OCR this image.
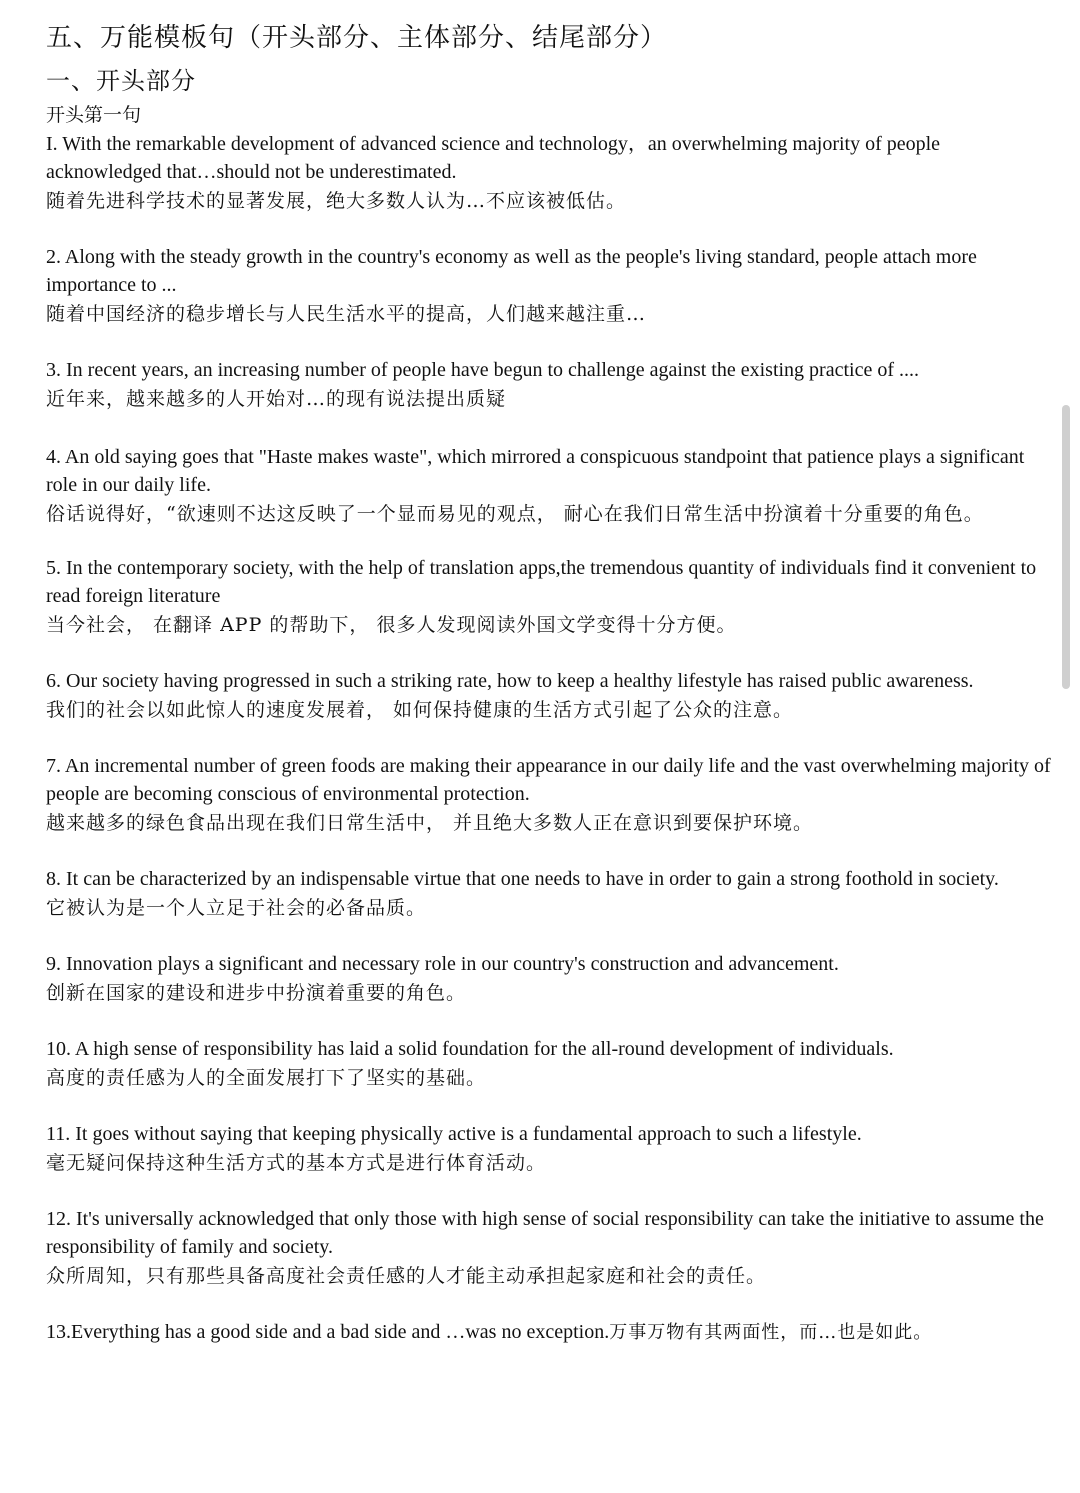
五、万能模板句（开头部分、主体部分、结尾部分）
一、开头部分
开头第一句

I. With the remarkable development of advanced science and technology，an overwhelming majority of people acknowledged that…should not be underestimated.

随着先进科学技术的显著发展，绝大多数人认为…不应该被低估。

2. Along with the steady growth in the country's economy as well as the people's living standard, people attach more importance to ...

随着中国经济的稳步增长与人民生活水平的提高，人们越来越注重…

3. In recent years, an increasing number of people have begun to challenge against the existing practice of ....

近年来，越来越多的人开始对…的现有说法提出质疑

4. An old saying goes that "Haste makes waste", which mirrored a conspicuous standpoint that patience plays a significant role in our daily life.

俗话说得好，“欲速则不达这反映了一个显而易见的观点， 耐心在我们日常生活中扮演着十分重要的角色。

5. In the contemporary society, with the help of translation apps,the tremendous quantity of individuals find it convenient to read foreign literature

当今社会， 在翻译 APP 的帮助下， 很多人发现阅读外国文学变得十分方便。

6. Our society having progressed in such a striking rate, how to keep a healthy lifestyle has raised public awareness.

我们的社会以如此惊人的速度发展着， 如何保持健康的生活方式引起了公众的注意。

7. An incremental number of green foods are making their appearance in our daily life and the vast overwhelming majority of people are becoming conscious of environmental protection.

越来越多的绿色食品出现在我们日常生活中， 并且绝大多数人正在意识到要保护环境。

8. It can be characterized by an indispensable virtue that one needs to have in order to gain a strong foothold in society.

它被认为是一个人立足于社会的必备品质。

9. Innovation plays a significant and necessary role in our country's construction and advancement.

创新在国家的建设和进步中扮演着重要的角色。

10. A high sense of responsibility has laid a solid foundation for the all-round development of individuals.

高度的责任感为人的全面发展打下了坚实的基础。

11. It goes without saying that keeping physically active is a fundamental approach to such a lifestyle.

毫无疑问保持这种生活方式的基本方式是进行体育活动。

12. It's universally acknowledged that only those with high sense of social responsibility can take the initiative to assume the responsibility of family and society.

众所周知，只有那些具备高度社会责任感的人才能主动承担起家庭和社会的责任。

13.Everything has a good side and a bad side and …was no exception.万事万物有其两面性，而…也是如此。
